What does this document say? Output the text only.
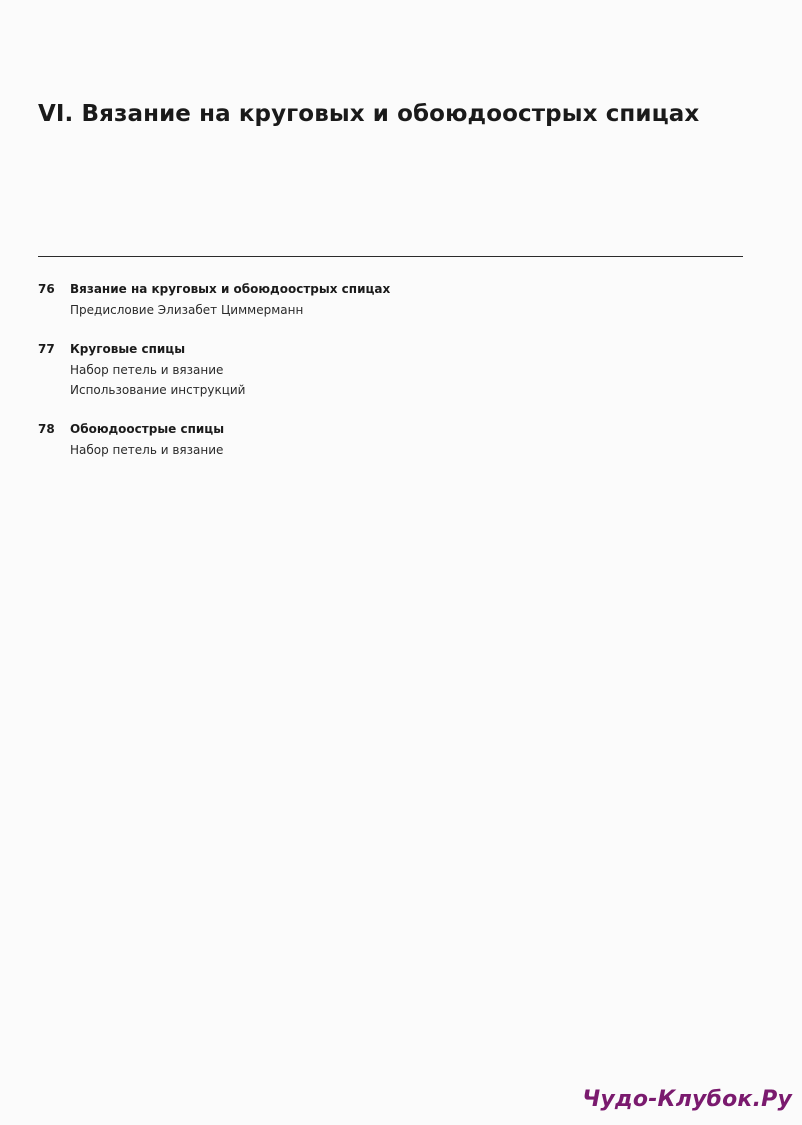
VI. Вязание на круговых и обоюдоострых спицах
76	Вязание на круговых и обоюдоострых спицах
Предисловие Элизабет Циммерманн
77	Круговые спицы
Набор петель и вязание
Использование инструкций
78	Обоюдоострые спицы
Набор петель и вязание
Чудо-Клубок.Ру
